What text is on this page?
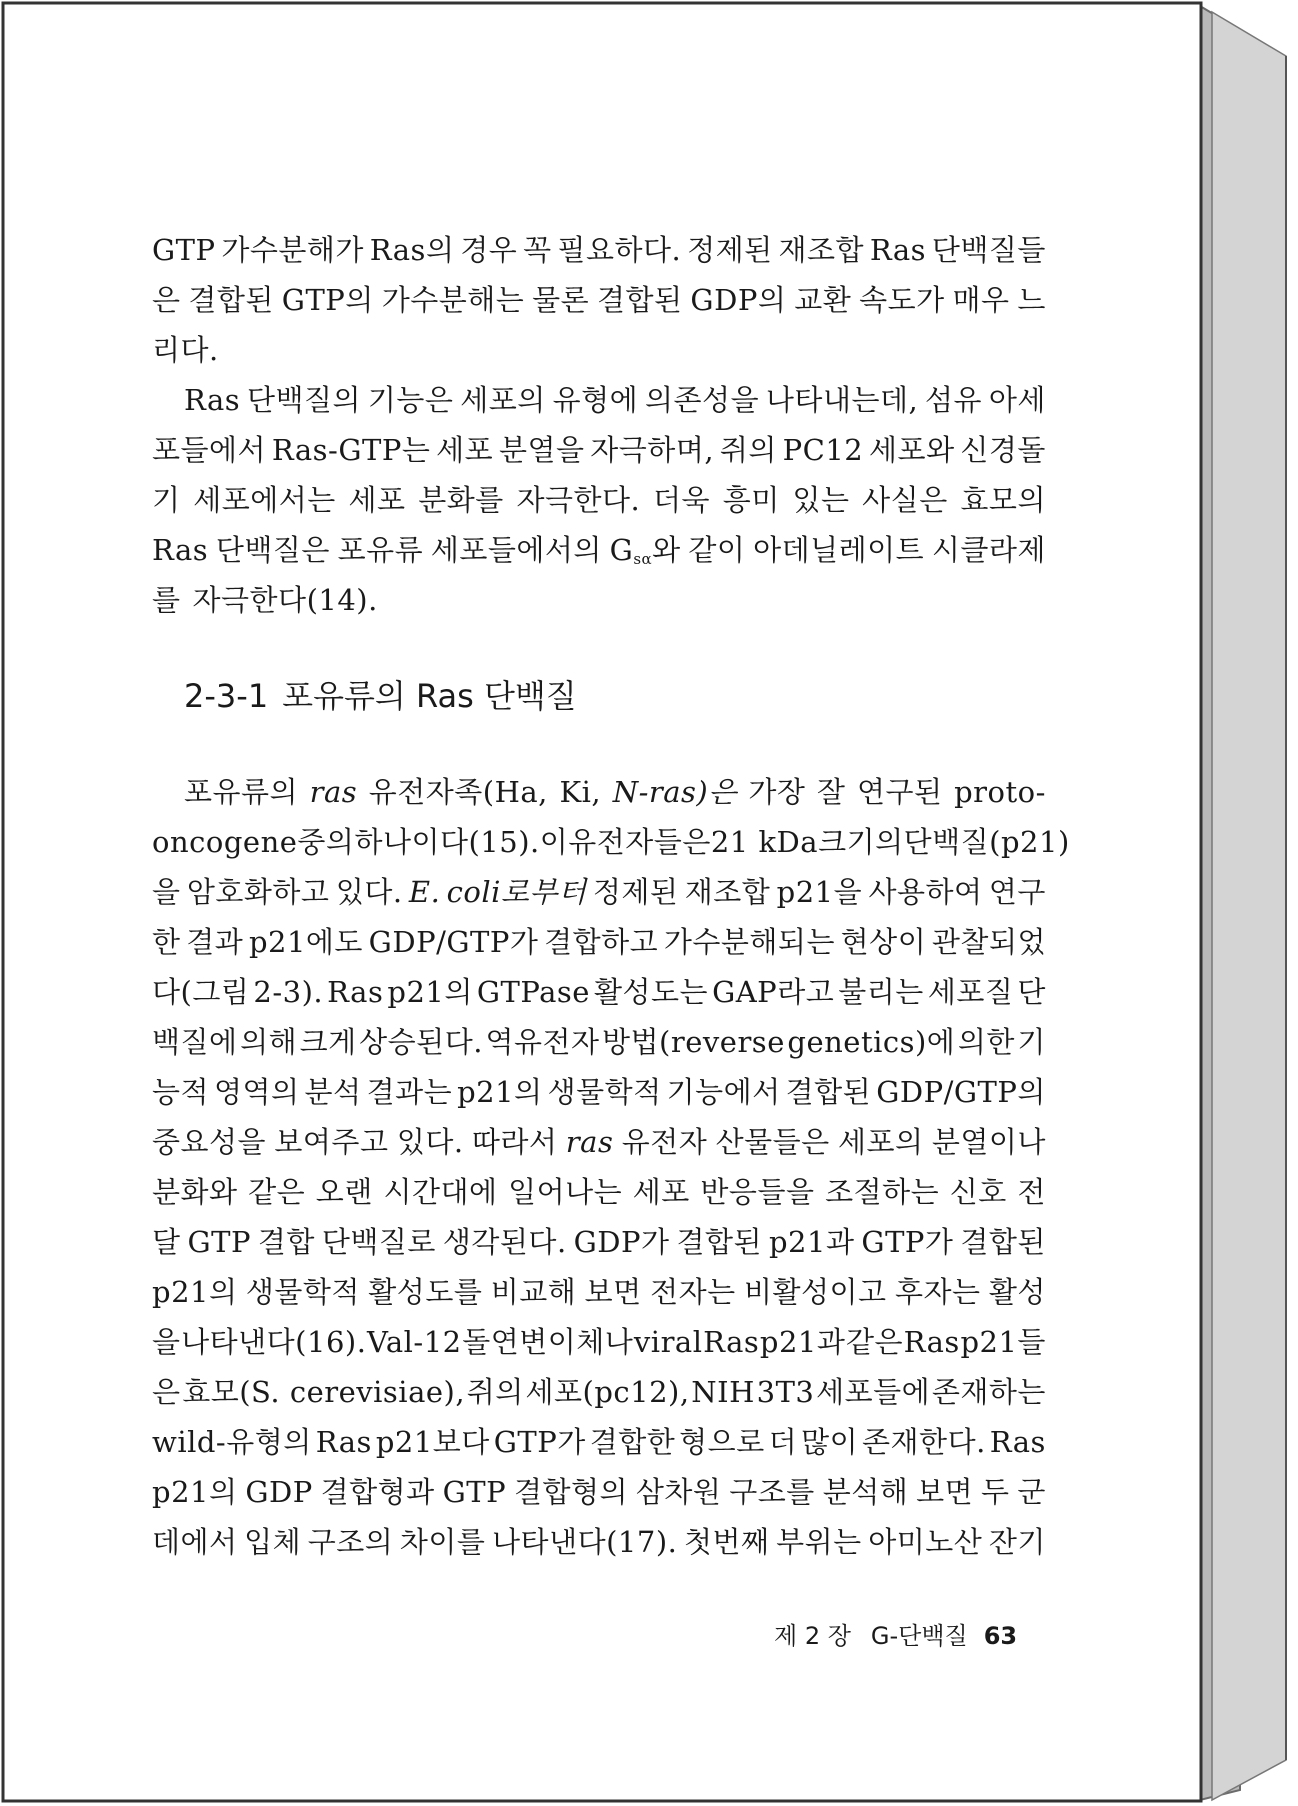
GTP 가수분해가 Ras의 경우 꼭 필요하다. 정제된 재조합 Ras 단백질들
은 결합된 GTP의 가수분해는 물론 결합된 GDP의 교환 속도가 매우 느
리다.
Ras 단백질의 기능은 세포의 유형에 의존성을 나타내는데, 섬유 아세
포들에서 Ras-GTP는 세포 분열을 자극하며, 쥐의 PC12 세포와 신경돌
기 세포에서는 세포 분화를 자극한다. 더욱 흥미 있는 사실은 효모의
Ras 단백질은 포유류 세포들에서의 $G_{s\alpha}$와 같이 아데닐레이트 시클라제
를 자극한다(14).
2-3-1 포유류의 Ras 단백질
포유류의 ras 유전자족(Ha, Ki, N-ras)은 가장 잘 연구된 proto-
oncogene 중의 하나이다(15). 이 유전자들은 21 kDa 크기의 단백질(p21)
을 암호화하고 있다. E. coli로부터 정제된 재조합 p21을 사용하여 연구
한 결과 p21에도 GDP/GTP가 결합하고 가수분해되는 현상이 관찰되었
다(그림 2-3). Ras p21의 GTPase 활성도는 GAP라고 불리는 세포질 단
백질에 의해 크게 상승된다. 역유전자 방법(reverse genetics)에 의한 기
능적 영역의 분석 결과는 p21의 생물학적 기능에서 결합된 GDP/GTP의
중요성을 보여주고 있다. 따라서 ras 유전자 산물들은 세포의 분열이나
분화와 같은 오랜 시간대에 일어나는 세포 반응들을 조절하는 신호 전
달 GTP 결합 단백질로 생각된다. GDP가 결합된 p21과 GTP가 결합된
p21의 생물학적 활성도를 비교해 보면 전자는 비활성이고 후자는 활성
을 나타낸다(16). Val-12 돌연변이체나 viral Ras p21과 같은 Ras p21들
은 효모(S. cerevisiae), 쥐의 세포(pc12), NIH 3T3 세포들에 존재하는
wild-유형의 Ras p21보다 GTP가 결합한 형으로 더 많이 존재한다. Ras
p21의 GDP 결합형과 GTP 결합형의 삼차원 구조를 분석해 보면 두 군
데에서 입체 구조의 차이를 나타낸다(17). 첫번째 부위는 아미노산 잔기
제 2 장 G-단백질 63
